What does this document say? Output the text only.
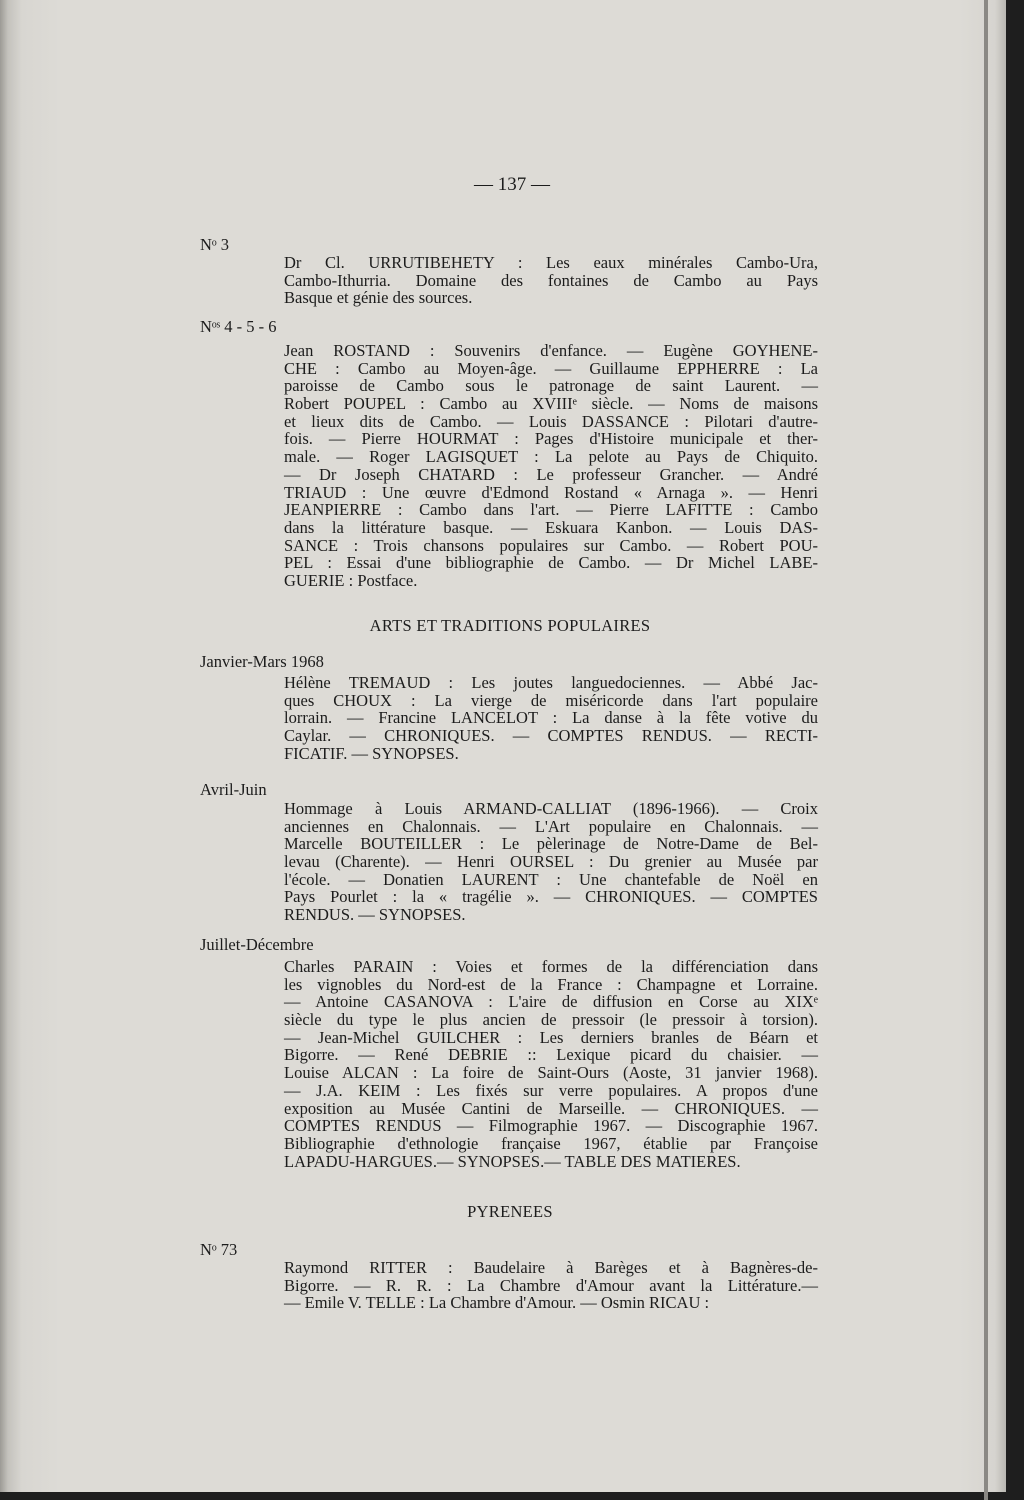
— 137 —
Nᵒ 3
Dr Cl. URRUTIBEHETY : Les eaux minérales Cambo-Ura,
Cambo-Ithurria. Domaine des fontaines de Cambo au Pays
Basque et génie des sources.
Nᵒˢ 4 - 5 - 6
Jean ROSTAND : Souvenirs d'enfance. — Eugène GOYHENE-
CHE : Cambo au Moyen-âge. — Guillaume EPPHERRE : La
paroisse de Cambo sous le patronage de saint Laurent. —
Robert POUPEL : Cambo au XVIIIᵉ siècle. — Noms de maisons
et lieux dits de Cambo. — Louis DASSANCE : Pilotari d'autre-
fois. — Pierre HOURMAT : Pages d'Histoire municipale et ther-
male. — Roger LAGISQUET : La pelote au Pays de Chiquito.
— Dr Joseph CHATARD : Le professeur Grancher. — André
TRIAUD : Une œuvre d'Edmond Rostand « Arnaga ». — Henri
JEANPIERRE : Cambo dans l'art. — Pierre LAFITTE : Cambo
dans la littérature basque. — Eskuara Kanbon. — Louis DAS-
SANCE : Trois chansons populaires sur Cambo. — Robert POU-
PEL : Essai d'une bibliographie de Cambo. — Dr Michel LABE-
GUERIE : Postface.
ARTS ET TRADITIONS POPULAIRES
Janvier-Mars 1968
Hélène TREMAUD : Les joutes languedociennes. — Abbé Jac-
ques CHOUX : La vierge de miséricorde dans l'art populaire
lorrain. — Francine LANCELOT : La danse à la fête votive du
Caylar. — CHRONIQUES. — COMPTES RENDUS. — RECTI-
FICATIF. — SYNOPSES.
Avril-Juin
Hommage à Louis ARMAND-CALLIAT (1896-1966). — Croix
anciennes en Chalonnais. — L'Art populaire en Chalonnais. —
Marcelle BOUTEILLER : Le pèlerinage de Notre-Dame de Bel-
levau (Charente). — Henri OURSEL : Du grenier au Musée par
l'école. — Donatien LAURENT : Une chantefable de Noël en
Pays Pourlet : la « tragélie ». — CHRONIQUES. — COMPTES
RENDUS. — SYNOPSES.
Juillet-Décembre
Charles PARAIN : Voies et formes de la différenciation dans
les vignobles du Nord-est de la France : Champagne et Lorraine.
— Antoine CASANOVA : L'aire de diffusion en Corse au XIXᵉ
siècle du type le plus ancien de pressoir (le pressoir à torsion).
— Jean-Michel GUILCHER : Les derniers branles de Béarn et
Bigorre. — René DEBRIE :: Lexique picard du chaisier. —
Louise ALCAN : La foire de Saint-Ours (Aoste, 31 janvier 1968).
— J.A. KEIM : Les fixés sur verre populaires. A propos d'une
exposition au Musée Cantini de Marseille. — CHRONIQUES. —
COMPTES RENDUS — Filmographie 1967. — Discographie 1967.
Bibliographie d'ethnologie française 1967, établie par Françoise
LAPADU-HARGUES.— SYNOPSES.— TABLE DES MATIERES.
PYRENEES
Nᵒ 73
Raymond RITTER : Baudelaire à Barèges et à Bagnères-de-
Bigorre. — R. R. : La Chambre d'Amour avant la Littérature.—
— Emile V. TELLE : La Chambre d'Amour. — Osmin RICAU :
